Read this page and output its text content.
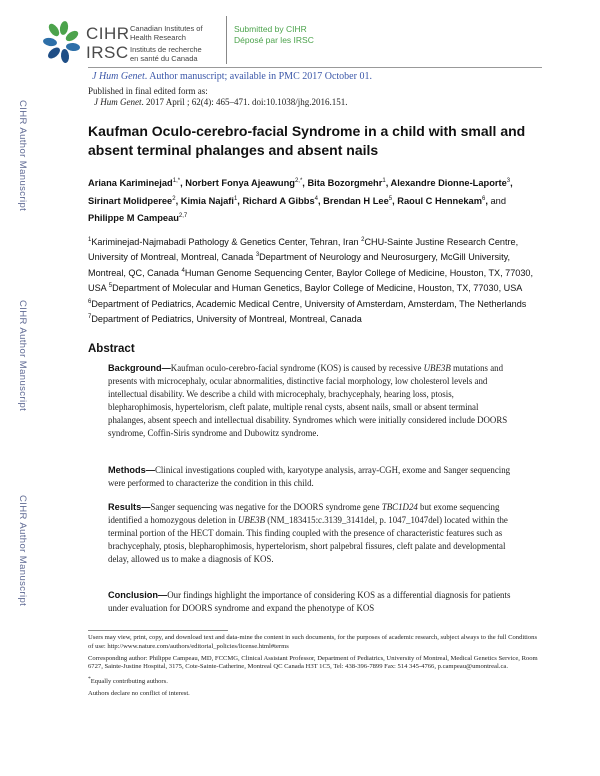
CIHR
IRSC
Canadian Institutes of
Health Research
Instituts de recherche
en santé du Canada
Submitted by CIHR
Déposé par les IRSC
J Hum Genet. Author manuscript; available in PMC 2017 October 01.
Published in final edited form as:
J Hum Genet. 2017 April ; 62(4): 465–471. doi:10.1038/jhg.2016.151.
CIHR Author Manuscript
CIHR Author Manuscript
CIHR Author Manuscript
Kaufman Oculo-cerebro-facial Syndrome in a child with small and absent terminal phalanges and absent nails
Ariana Kariminejad$^{1,*}$, Norbert Fonya Ajeawung$^{2,*}$, Bita Bozorgmehr$^1$, Alexandre Dionne-Laporte$^3$, Sirinart Molidperee$^2$, Kimia Najafi$^1$, Richard A Gibbs$^4$, Brendan H Lee$^5$, Raoul C Hennekam$^6$, and Philippe M Campeau$^{2,7}$
$^1$Kariminejad-Najmabadi Pathology & Genetics Center, Tehran, Iran $^2$CHU-Sainte Justine Research Centre, University of Montreal, Montreal, Canada $^3$Department of Neurology and Neurosurgery, McGill University, Montreal, QC, Canada $^4$Human Genome Sequencing Center, Baylor College of Medicine, Houston, TX, 77030, USA $^5$Department of Molecular and Human Genetics, Baylor College of Medicine, Houston, TX, 77030, USA $^6$Department of Pediatrics, Academic Medical Centre, University of Amsterdam, Amsterdam, The Netherlands $^7$Department of Pediatrics, University of Montreal, Montreal, Canada
Abstract
Background—Kaufman oculo-cerebro-facial syndrome (KOS) is caused by recessive UBE3B mutations and presents with microcephaly, ocular abnormalities, distinctive facial morphology, low cholesterol levels and intellectual disability. We describe a child with microcephaly, brachycephaly, hearing loss, ptosis, blepharophimosis, hypertelorism, cleft palate, multiple renal cysts, absent nails, small or absent terminal phalanges, absent speech and intellectual disability. Syndromes which were initially considered include DOORS syndrome, Coffin-Siris syndrome and Dubowitz syndrome.
Methods—Clinical investigations coupled with, karyotype analysis, array-CGH, exome and Sanger sequencing were performed to characterize the condition in this child.
Results—Sanger sequencing was negative for the DOORS syndrome gene TBC1D24 but exome sequencing identified a homozygous deletion in UBE3B (NM_183415:c.3139_3141del, p. 1047_1047del) located within the terminal portion of the HECT domain. This finding coupled with the presence of characteristic features such as brachycephaly, ptosis, blepharophimosis, hypertelorism, short palpebral fissures, cleft palate and developmental delay, allowed us to make a diagnosis of KOS.
Conclusion—Our findings highlight the importance of considering KOS as a differential diagnosis for patients under evaluation for DOORS syndrome and expand the phenotype of KOS

Users may view, print, copy, and download text and data-mine the content in such documents, for the purposes of academic research, subject always to the full Conditions of use: http://www.nature.com/authors/editorial_policies/license.html#terms

Corresponding author: Philippe Campeau, MD, FCCMG, Clinical Assistant Professor, Department of Pediatrics, University of Montreal, Medical Genetics Service, Room 6727, Sainte-Justine Hospital, 3175, Cote-Sainte-Catherine, Montreal QC Canada H3T 1C5, Tel: 438-396-7899 Fax: 514 345-4766, p.campeau@umontreal.ca.

*Equally contributing authors.

Authors declare no conflict of interest.
